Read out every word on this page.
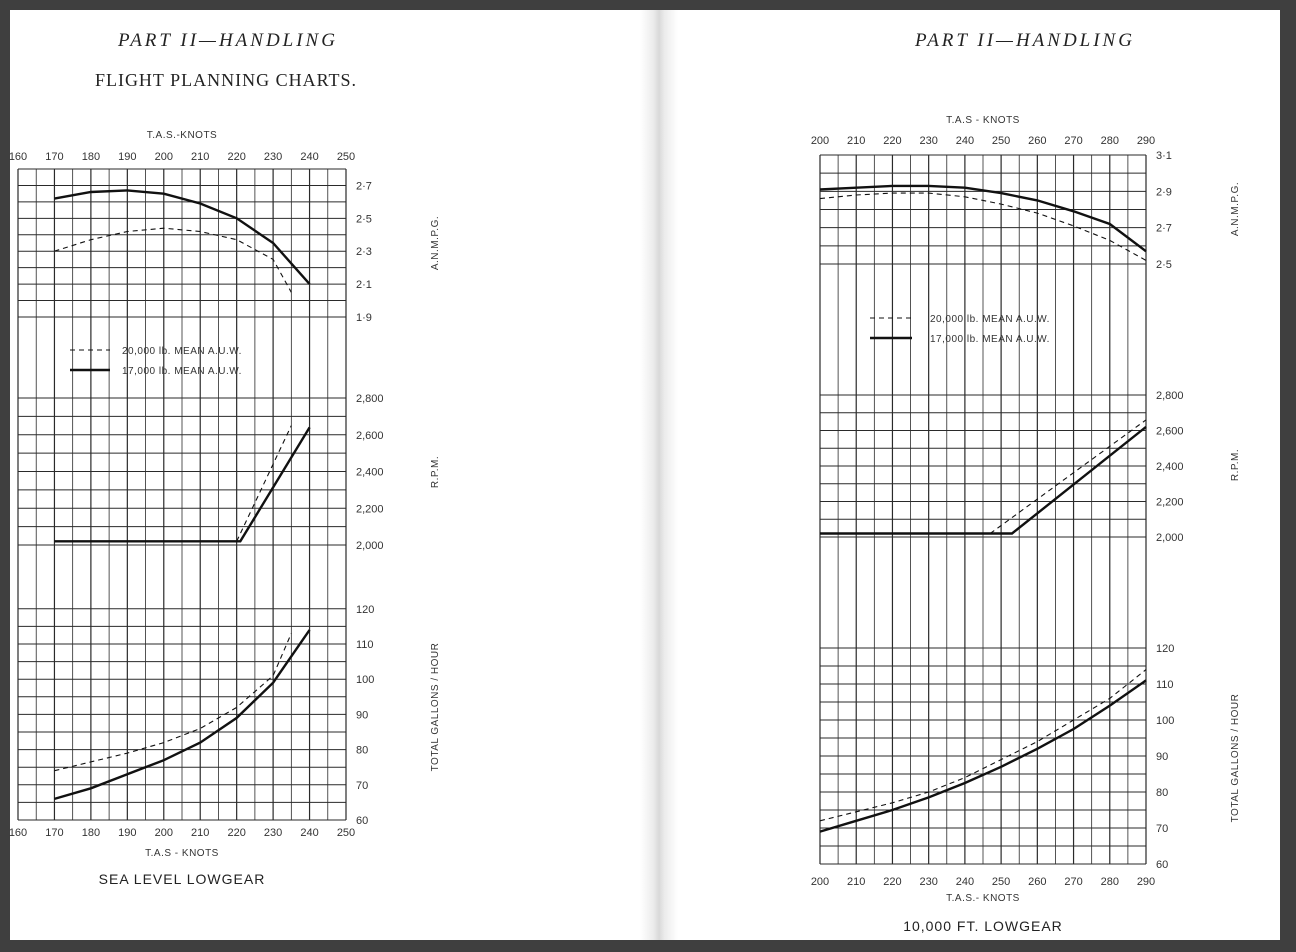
PART II—HANDLING
FLIGHT PLANNING CHARTS.
PART II—HANDLING
2·7
2·5
2·3
2·1
1·9
A.N.M.P.G.
2,800
2,600
2,400
2,200
2,000
R.P.M.
120
110
100
90
80
70
60
TOTAL GALLONS / HOUR
160
160
170
170
180
180
190
190
200
200
210
210
220
220
230
230
240
240
250
250
T.A.S.-KNOTS
T.A.S - KNOTS
20,000 lb. MEAN A.U.W.
17,000 lb. MEAN A.U.W.
SEA LEVEL LOWGEAR
3·1
2·9
2·7
2·5
A.N.M.P.G.
2,800
2,600
2,400
2,200
2,000
R.P.M.
120
110
100
90
80
70
60
TOTAL GALLONS / HOUR
200
200
210
210
220
220
230
230
240
240
250
250
260
260
270
270
280
280
290
290
T.A.S - KNOTS
T.A.S.- KNOTS
20,000 lb. MEAN A.U.W.
17,000 lb. MEAN A.U.W.
10,000 FT. LOWGEAR
